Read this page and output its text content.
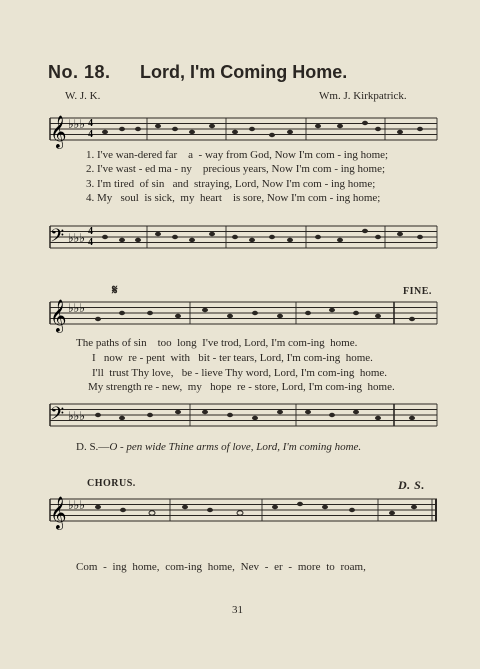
No. 18. Lord, I'm Coming Home.
W. J. K.	Wm. J. Kirkpatrick.
𝄞 ♭♭♭ 4
4
1. I've wan-dered far    a  - way from God, Now I'm com - ing home;
2. I've wast - ed ma - ny    precious years, Now I'm com - ing home;
3. I'm tired  of sin   and  straying, Lord, Now I'm com - ing home;
4. My   soul  is sick,  my  heart    is sore, Now I'm com - ing home;
𝄢 ♭♭♭ 4
4
𝄋	FINE.
𝄞 ♭♭♭
The paths of sin    too  long  I've trod, Lord, I'm com-ing  home.
I   now  re - pent  with   bit - ter tears, Lord, I'm com-ing  home.
I'll  trust Thy love,   be - lieve Thy word, Lord, I'm com-ing  home.
My strength re - new,  my   hope  re - store, Lord, I'm com-ing  home.
𝄢 ♭♭♭
D. S.—O - pen wide Thine arms of love, Lord, I'm coming home.
CHORUS.	D. S.
𝄞 ♭♭♭
Com - ing home, com-ing home, Nev - er - more to roam,
31
